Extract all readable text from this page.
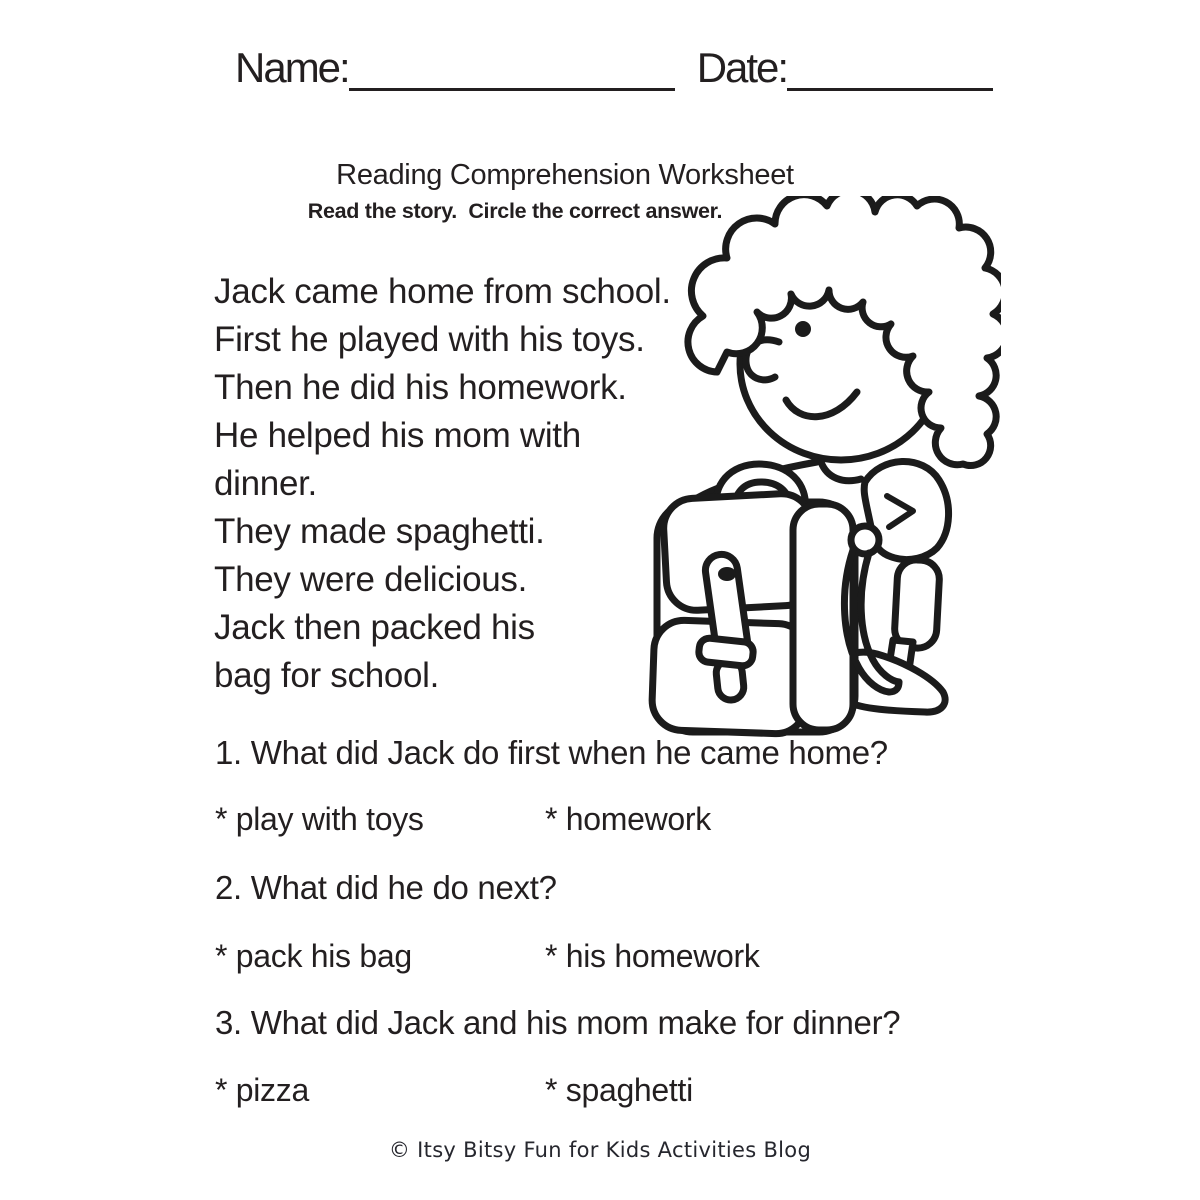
Name:	Date:
Reading Comprehension Worksheet
Read the story.  Circle the correct answer.
Jack came home from school.
First he played with his toys.
Then he did his homework.
He helped his mom with
dinner.
They made spaghetti.
They were delicious.
Jack then packed his
bag for school.
1. What did Jack do first when he came home?
* play with toys	* homework
2. What did he do next?
* pack his bag	* his homework
3. What did Jack and his mom make for dinner?
* pizza	* spaghetti
© Itsy Bitsy Fun for Kids Activities Blog
